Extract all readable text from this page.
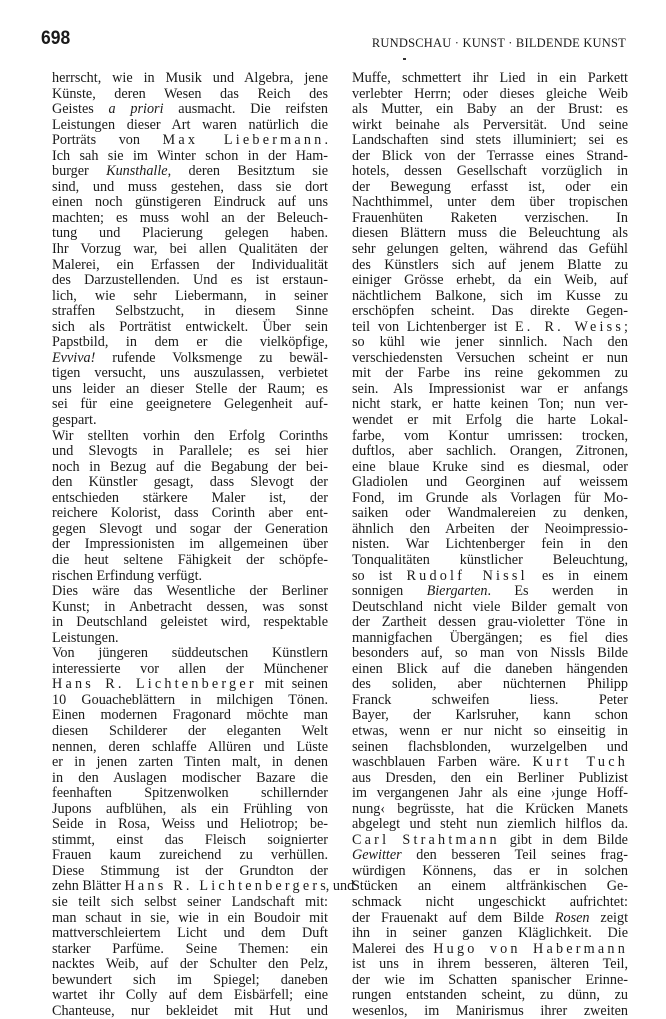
698	RUNDSCHAU · KUNST · BILDENDE KUNST
herrscht, wie in Musik und Algebra, jene
Künste, deren Wesen das Reich des
Geistes a priori ausmacht. Die reifsten
Leistungen dieser Art waren natürlich die
Porträts von Max Liebermann.
Ich sah sie im Winter schon in der Ham-
burger Kunsthalle, deren Besitztum sie
sind, und muss gestehen, dass sie dort
einen noch günstigeren Eindruck auf uns
machten; es muss wohl an der Beleuch-
tung und Placierung gelegen haben.
Ihr Vorzug war, bei allen Qualitäten der
Malerei, ein Erfassen der Individualität
des Darzustellenden. Und es ist erstaun-
lich, wie sehr Liebermann, in seiner
straffen Selbstzucht, in diesem Sinne
sich als Porträtist entwickelt. Über sein
Papstbild, in dem er die vielköpfige,
Evviva! rufende Volksmenge zu bewäl-
tigen versucht, uns auszulassen, verbietet
uns leider an dieser Stelle der Raum; es
sei für eine geeignetere Gelegenheit auf-
gespart.
Wir stellten vorhin den Erfolg Corinths
und Slevogts in Parallele; es sei hier
noch in Bezug auf die Begabung der bei-
den Künstler gesagt, dass Slevogt der
entschieden stärkere Maler ist, der
reichere Kolorist, dass Corinth aber ent-
gegen Slevogt und sogar der Generation
der Impressionisten im allgemeinen über
die heut seltene Fähigkeit der schöpfe-
rischen Erfindung verfügt.
Dies wäre das Wesentliche der Berliner
Kunst; in Anbetracht dessen, was sonst
in Deutschland geleistet wird, respektable
Leistungen.
Von jüngeren süddeutschen Künstlern
interessierte vor allen der Münchener
Hans R. Lichtenberger mit seinen
10 Gouacheblättern in milchigen Tönen.
Einen modernen Fragonard möchte man
diesen Schilderer der eleganten Welt
nennen, deren schlaffe Allüren und Lüste
er in jenen zarten Tinten malt, in denen
in den Auslagen modischer Bazare die
feenhaften Spitzenwolken schillernder
Jupons aufblühen, als ein Frühling von
Seide in Rosa, Weiss und Heliotrop; be-
stimmt, einst das Fleisch soignierter
Frauen kaum zureichend zu verhüllen.
Diese Stimmung ist der Grundton der
zehn Blätter Hans R. Lichtenbergers, und
sie teilt sich selbst seiner Landschaft mit:
man schaut in sie, wie in ein Boudoir mit
mattverschleiertem Licht und dem Duft
starker Parfüme. Seine Themen: ein
nacktes Weib, auf der Schulter den Pelz,
bewundert sich im Spiegel; daneben
wartet ihr Colly auf dem Eisbärfell; eine
Chanteuse, nur bekleidet mit Hut und
Muffe, schmettert ihr Lied in ein Parkett
verlebter Herrn; oder dieses gleiche Weib
als Mutter, ein Baby an der Brust: es
wirkt beinahe als Perversität. Und seine
Landschaften sind stets illuminiert; sei es
der Blick von der Terrasse eines Strand-
hotels, dessen Gesellschaft vorzüglich in
der Bewegung erfasst ist, oder ein
Nachthimmel, unter dem über tropischen
Frauenhüten Raketen verzischen. In
diesen Blättern muss die Beleuchtung als
sehr gelungen gelten, während das Gefühl
des Künstlers sich auf jenem Blatte zu
einiger Grösse erhebt, da ein Weib, auf
nächtlichem Balkone, sich im Kusse zu
erschöpfen scheint. Das direkte Gegen-
teil von Lichtenberger ist E. R. Weiss;
so kühl wie jener sinnlich. Nach den
verschiedensten Versuchen scheint er nun
mit der Farbe ins reine gekommen zu
sein. Als Impressionist war er anfangs
nicht stark, er hatte keinen Ton; nun ver-
wendet er mit Erfolg die harte Lokal-
farbe, vom Kontur umrissen: trocken,
duftlos, aber sachlich. Orangen, Zitronen,
eine blaue Kruke sind es diesmal, oder
Gladiolen und Georginen auf weissem
Fond, im Grunde als Vorlagen für Mo-
saiken oder Wandmalereien zu denken,
ähnlich den Arbeiten der Neoimpressio-
nisten. War Lichtenberger fein in den
Tonqualitäten künstlicher Beleuchtung,
so ist Rudolf Nissl es in einem
sonnigen Biergarten. Es werden in
Deutschland nicht viele Bilder gemalt von
der Zartheit dessen grau-violetter Töne in
mannigfachen Übergängen; es fiel dies
besonders auf, so man von Nissls Bilde
einen Blick auf die daneben hängenden
des soliden, aber nüchternen Philipp
Franck schweifen liess. Peter
Bayer, der Karlsruher, kann schon
etwas, wenn er nur nicht so einseitig in
seinen flachsblonden, wurzelgelben und
waschblauen Farben wäre. Kurt Tuch
aus Dresden, den ein Berliner Publizist
im vergangenen Jahr als eine ›junge Hoff-
nung‹ begrüsste, hat die Krücken Manets
abgelegt und steht nun ziemlich hilflos da.
Carl Strahtmann gibt in dem Bilde
Gewitter den besseren Teil seines frag-
würdigen Könnens, das er in solchen
Stücken an einem altfränkischen Ge-
schmack nicht ungeschickt aufrichtet:
der Frauenakt auf dem Bilde Rosen zeigt
ihn in seiner ganzen Kläglichkeit. Die
Malerei des Hugo von Habermann
ist uns in ihrem besseren, älteren Teil,
der wie im Schatten spanischer Erinne-
rungen entstanden scheint, zu dünn, zu
wesenlos, im Manirismus ihrer zweiten
